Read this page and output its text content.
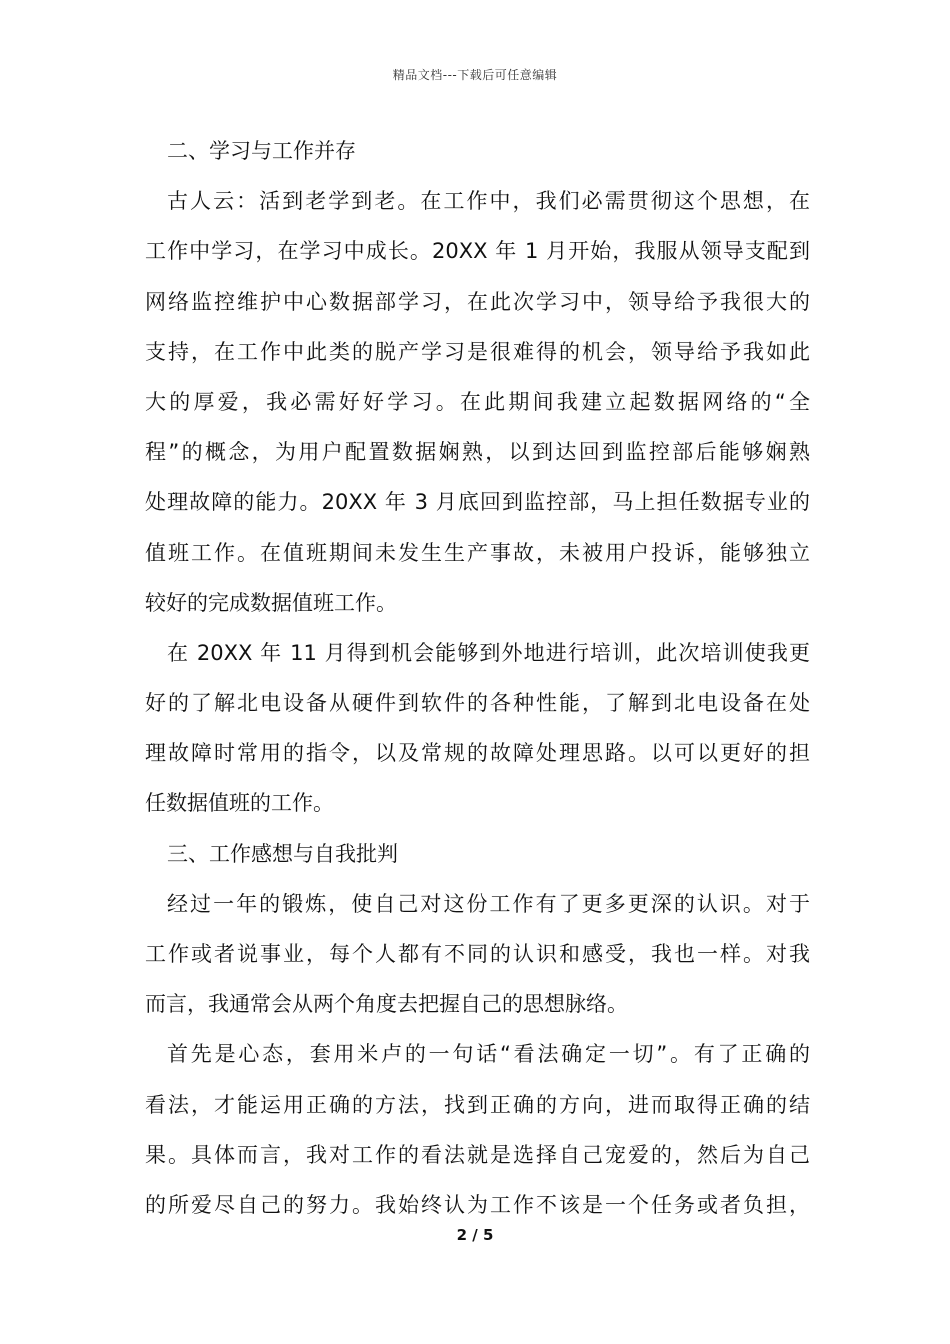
精品文档---下载后可任意编辑
二、学习与工作并存
古人云：活到老学到老。在工作中，我们必需贯彻这个思想，在
工作中学习，在学习中成长。20XX 年 1 月开始，我服从领导支配到
网络监控维护中心数据部学习，在此次学习中，领导给予我很大的
支持，在工作中此类的脱产学习是很难得的机会，领导给予我如此
大的厚爱，我必需好好学习。在此期间我建立起数据网络的“全
程”的概念，为用户配置数据娴熟，以到达回到监控部后能够娴熟
处理故障的能力。20XX 年 3 月底回到监控部，马上担任数据专业的
值班工作。在值班期间未发生生产事故，未被用户投诉，能够独立
较好的完成数据值班工作。
在 20XX 年 11 月得到机会能够到外地进行培训，此次培训使我更
好的了解北电设备从硬件到软件的各种性能，了解到北电设备在处
理故障时常用的指令，以及常规的故障处理思路。以可以更好的担
任数据值班的工作。
三、工作感想与自我批判
经过一年的锻炼，使自己对这份工作有了更多更深的认识。对于
工作或者说事业，每个人都有不同的认识和感受，我也一样。对我
而言，我通常会从两个角度去把握自己的思想脉络。
首先是心态，套用米卢的一句话“看法确定一切”。有了正确的
看法，才能运用正确的方法，找到正确的方向，进而取得正确的结
果。具体而言，我对工作的看法就是选择自己宠爱的，然后为自己
的所爱尽自己的努力。我始终认为工作不该是一个任务或者负担，
2 / 5
